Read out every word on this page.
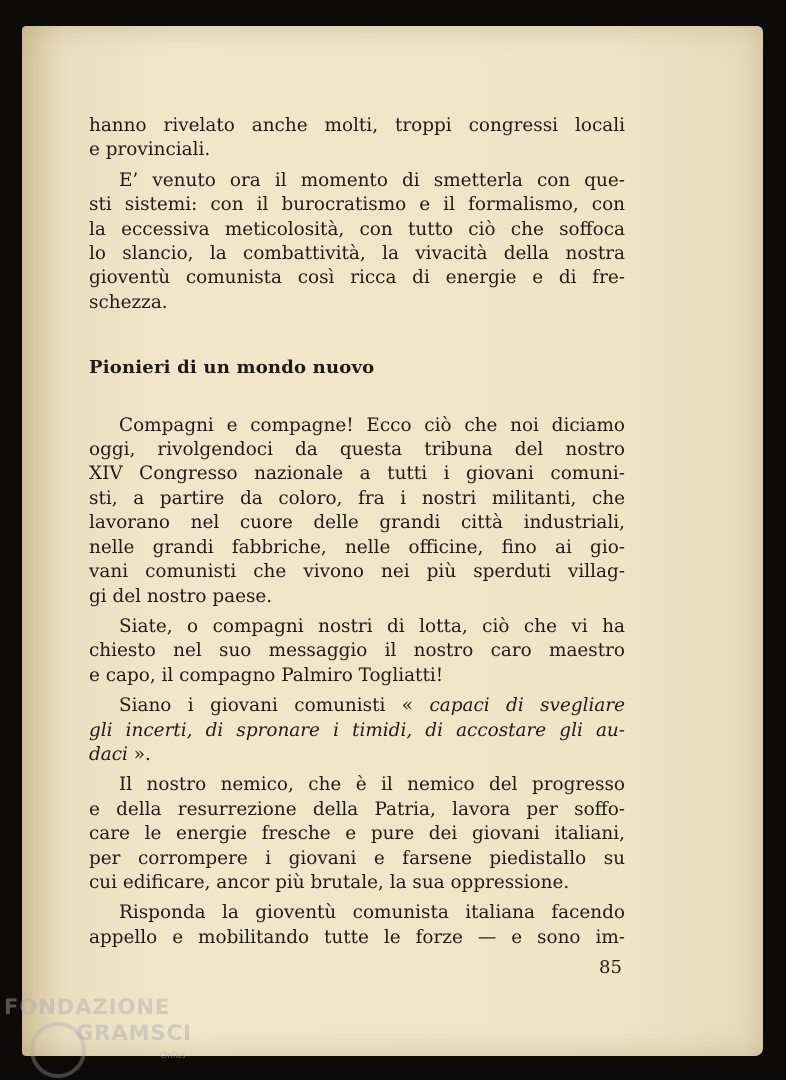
hanno rivelato anche molti, troppi congressi locali
e provinciali.
E’ venuto ora il momento di smetterla con que-
sti sistemi: con il burocratismo e il formalismo, con
la eccessiva meticolosità, con tutto ciò che soffoca
lo slancio, la combattività, la vivacità della nostra
gioventù comunista così ricca di energie e di fre-
schezza.
Pionieri di un mondo nuovo
Compagni e compagne! Ecco ciò che noi diciamo
oggi, rivolgendoci da questa tribuna del nostro
XIV Congresso nazionale a tutti i giovani comuni-
sti, a partire da coloro, fra i nostri militanti, che
lavorano nel cuore delle grandi città industriali,
nelle grandi fabbriche, nelle officine, fino ai gio-
vani comunisti che vivono nei più sperduti villag-
gi del nostro paese.
Siate, o compagni nostri di lotta, ciò che vi ha
chiesto nel suo messaggio il nostro caro maestro
e capo, il compagno Palmiro Togliatti!
Siano i giovani comunisti « capaci di svegliare
gli incerti, di spronare i timidi, di accostare gli au-
daci ».
Il nostro nemico, che è il nemico del progresso
e della resurrezione della Patria, lavora per soffo-
care le energie fresche e pure dei giovani italiani,
per corrompere i giovani e farsene piedistallo su
cui edificare, ancor più brutale, la sua oppressione.
Risponda la gioventù comunista italiana facendo
appello e mobilitando tutte le forze — e sono im-
85
FONDAZIONE
GRAMSCI
Onlus
